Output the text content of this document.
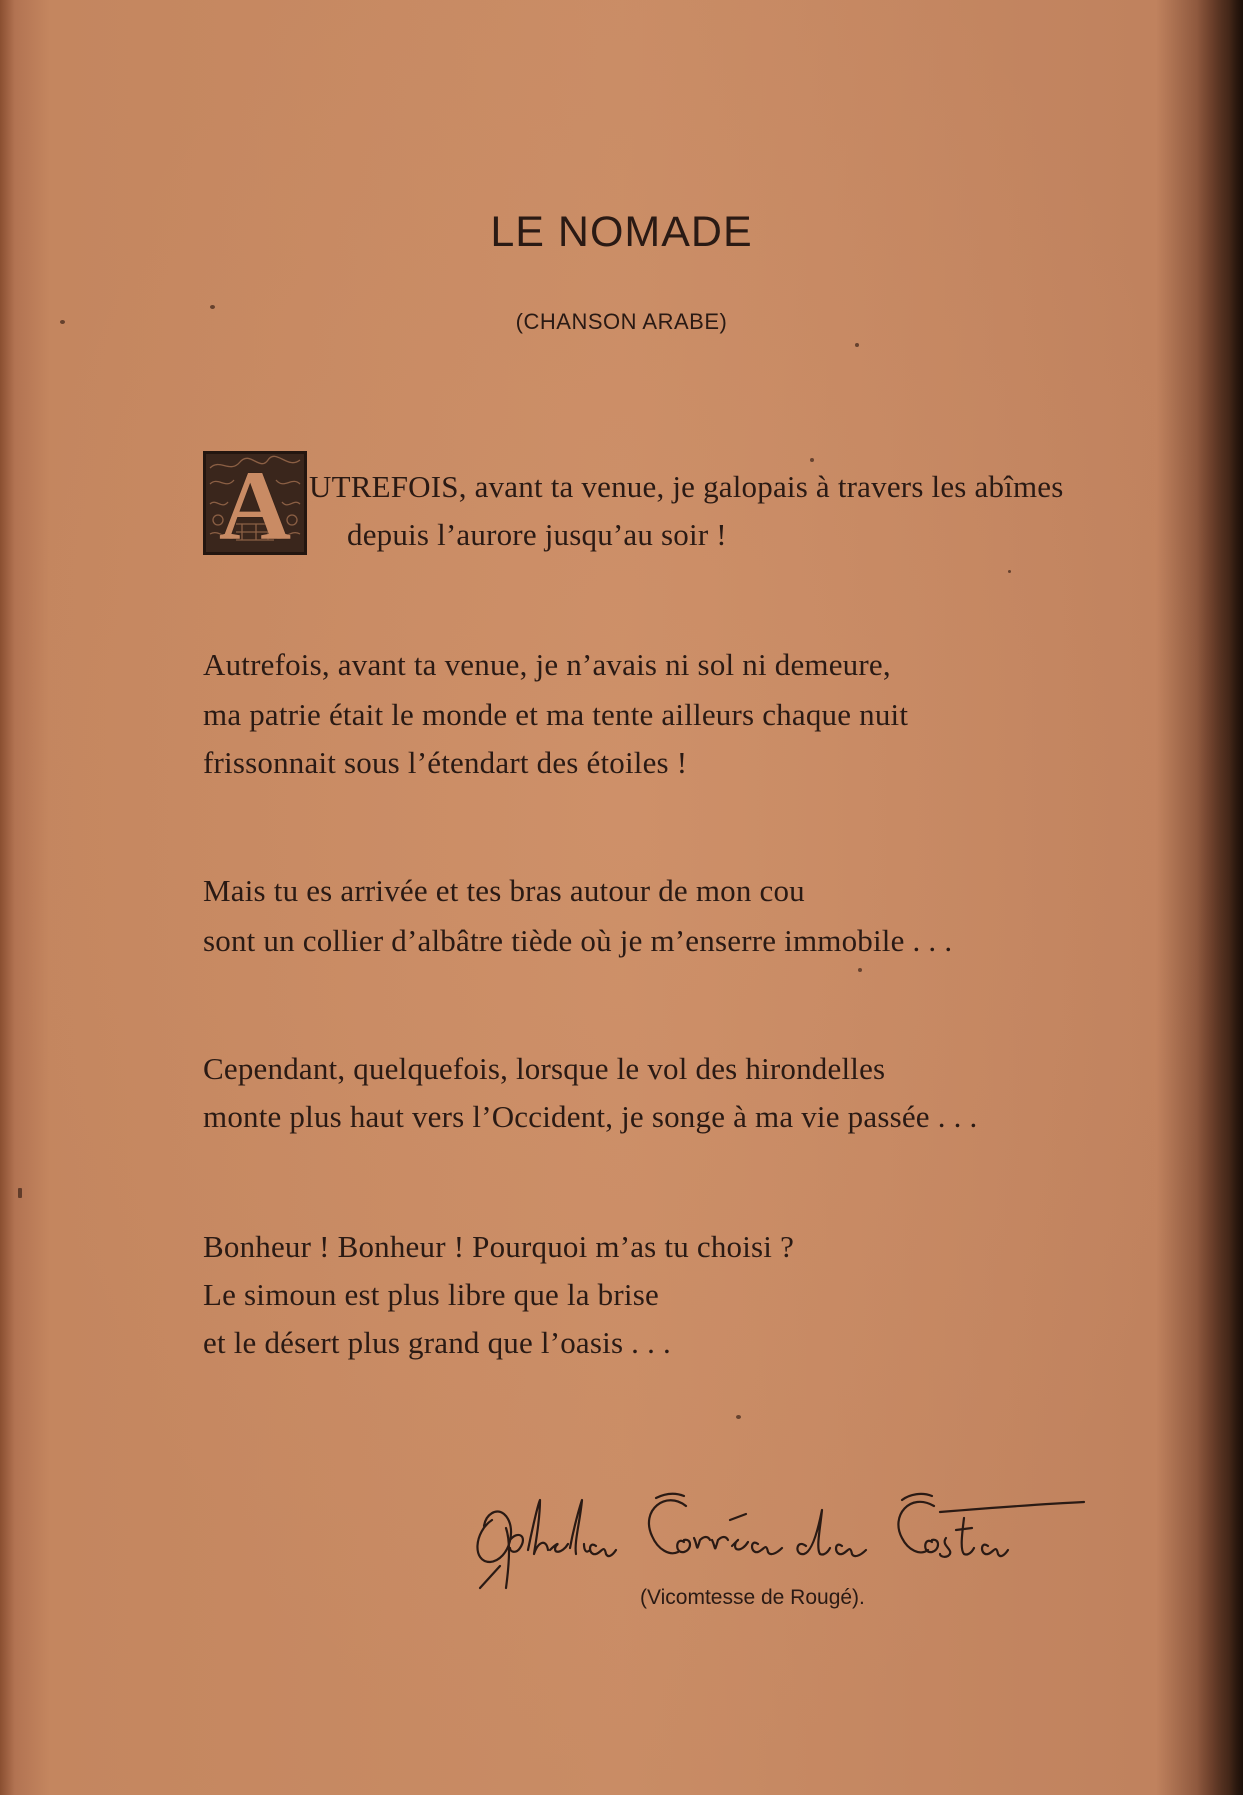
LE NOMADE
(CHANSON ARABE)
A UTREFOIS, avant ta venue, je galopais à travers les abîmes
depuis l’aurore jusqu’au soir !
Autrefois, avant ta venue, je n’avais ni sol ni demeure,
ma patrie était le monde et ma tente ailleurs chaque nuit
frissonnait sous l’étendart des étoiles !
Mais tu es arrivée et tes bras autour de mon cou
sont un collier d’albâtre tiède où je m’enserre immobile . . .
Cependant, quelquefois, lorsque le vol des hirondelles
monte plus haut vers l’Occident, je songe à ma vie passée . . .
Bonheur ! Bonheur ! Pourquoi m’as tu choisi ?
Le simoun est plus libre que la brise
et le désert plus grand que l’oasis . . .
(Vicomtesse de Rougé).
